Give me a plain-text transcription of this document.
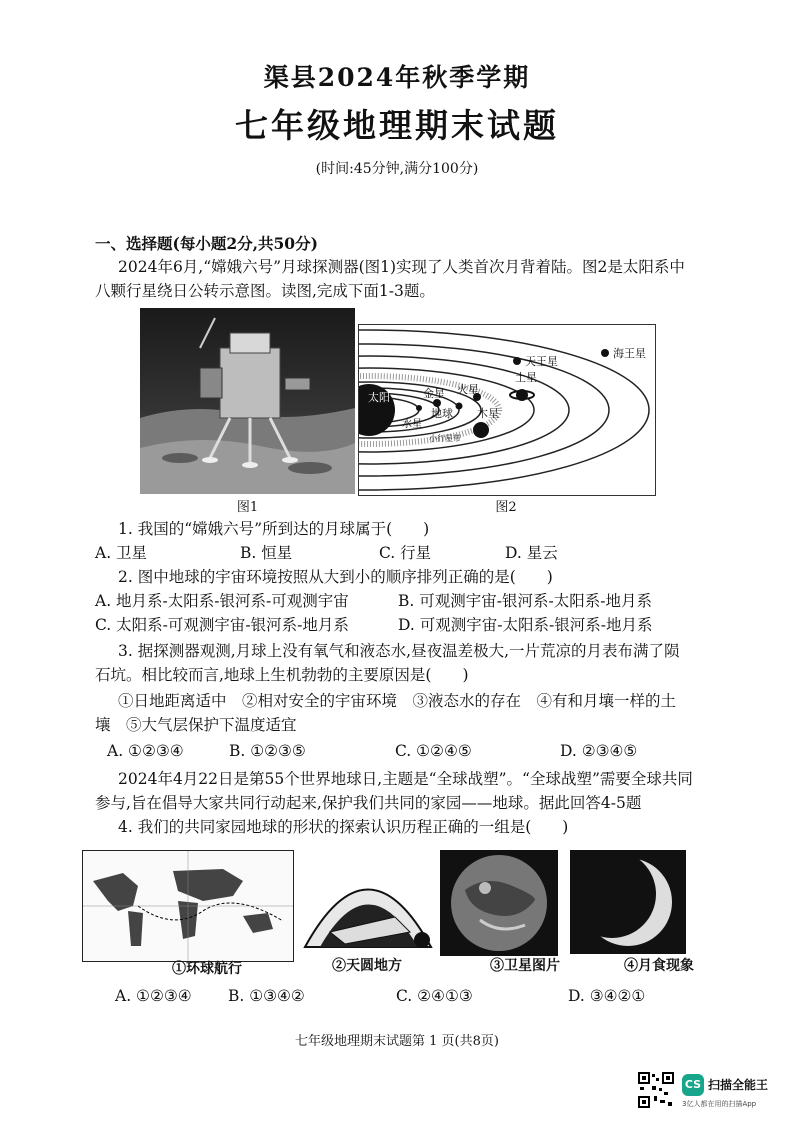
渠县2024年秋季学期
七年级地理期末试题
(时间:45分钟,满分100分)
一、选择题(每小题2分,共50分)
2024年6月,“嫦娥六号”月球探测器(图1)实现了人类首次月背着陆。图2是太阳系中
八颗行星绕日公转示意图。读图,完成下面1-3题。
图1
太阳
水星
金星
地球
火星
木星
土星
天王星
海王星
小行星带
图2
1. 我国的“嫦娥六号”所到达的月球属于(　　)
A. 卫星	B. 恒星	C. 行星	D. 星云
2. 图中地球的宇宙环境按照从大到小的顺序排列正确的是(　　)
A. 地月系-太阳系-银河系-可观测宇宙	B. 可观测宇宙-银河系-太阳系-地月系
C. 太阳系-可观测宇宙-银河系-地月系	D. 可观测宇宙-太阳系-银河系-地月系
3. 据探测器观测,月球上没有氧气和液态水,昼夜温差极大,一片荒凉的月表布满了陨
石坑。相比较而言,地球上生机勃勃的主要原因是(　　)
①日地距离适中　②相对安全的宇宙环境　③液态水的存在　④有和月壤一样的土
壤　⑤大气层保护下温度适宜
A. ①②③④	B. ①②③⑤	C. ①②④⑤	D. ②③④⑤
2024年4月22日是第55个世界地球日,主题是“全球战塑”。“全球战塑”需要全球共同
参与,旨在倡导大家共同行动起来,保护我们共同的家园——地球。据此回答4-5题
4. 我们的共同家园地球的形状的探索认识历程正确的一组是(　　)
①环球航行	②天圆地方	③卫星图片	④月食现象
A. ①②③④ B. ①③④②	C. ②④①③	D. ③④②①
七年级地理期末试题第 1 页(共8页)
CS 扫描全能王
3亿人都在用的扫描App
